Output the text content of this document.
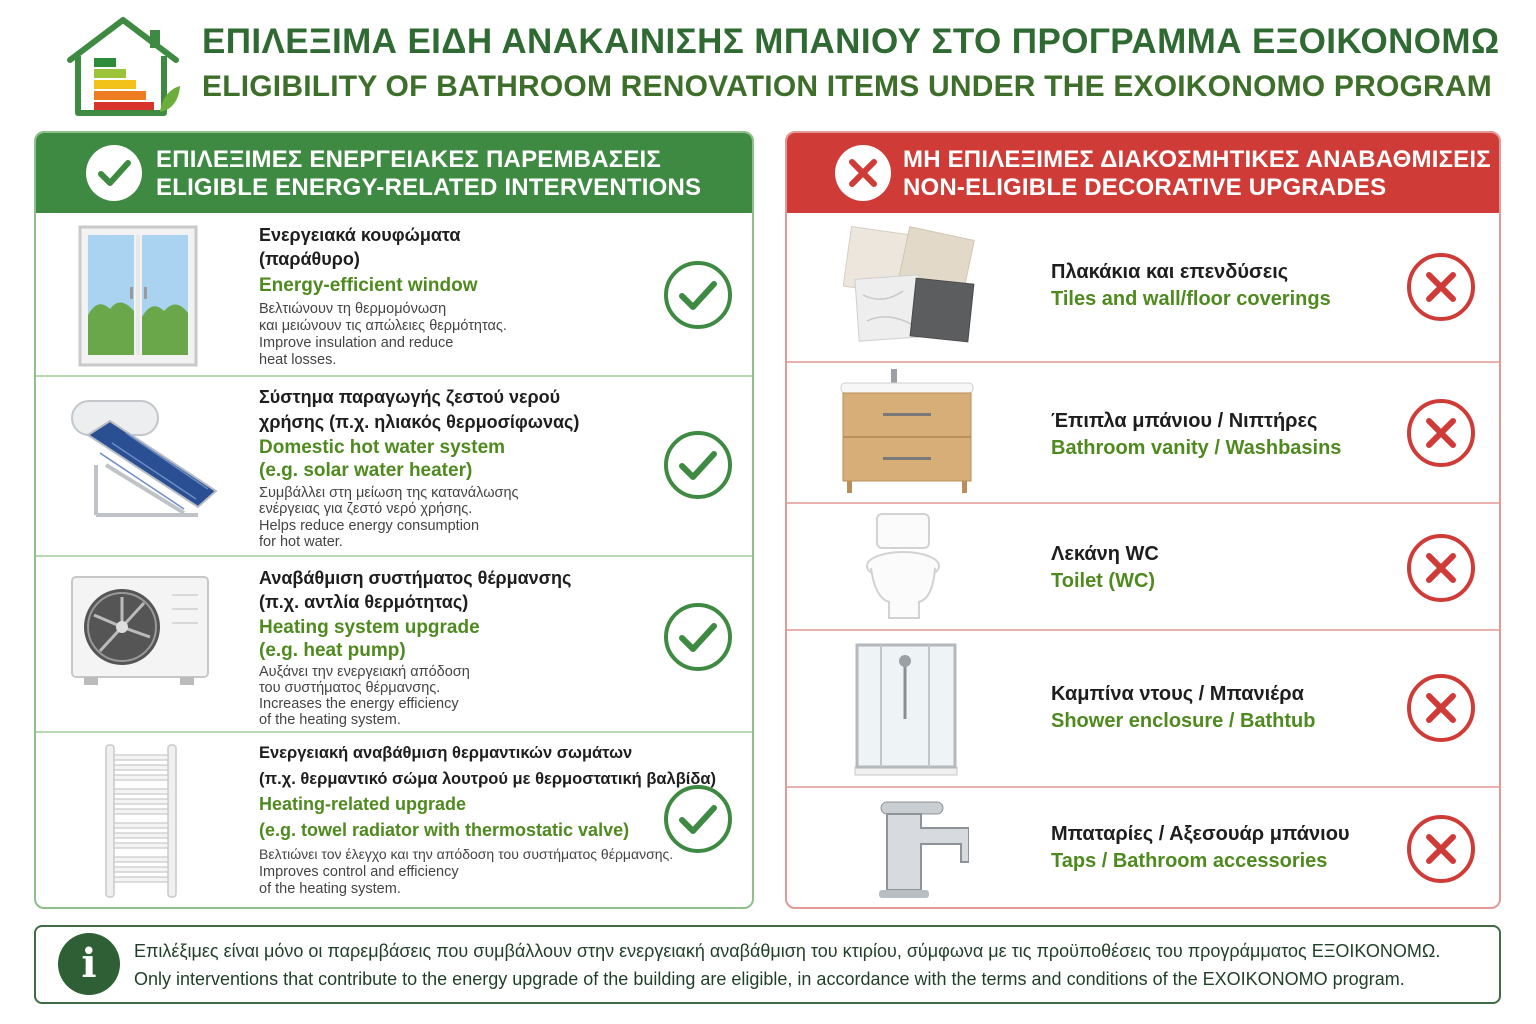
ΕΠΙΛΕΞΙΜΑ ΕΙΔΗ ΑΝΑΚΑΙΝΙΣΗΣ ΜΠΑΝΙΟΥ ΣΤΟ ΠΡΟΓΡΑΜΜΑ ΕΞΟΙΚΟΝΟΜΩ
ELIGIBILITY OF BATHROOM RENOVATION ITEMS UNDER THE EXOIKONOMO PROGRAM
ΕΠΙΛΕΞΙΜΕΣ ΕΝΕΡΓΕΙΑΚΕΣ ΠΑΡΕΜΒΑΣΕΙΣ
ELIGIBLE ENERGY-RELATED INTERVENTIONS
Ενεργειακά κουφώματα
(παράθυρο)
Energy-efficient window
Βελτιώνουν τη θερμομόνωση
και μειώνουν τις απώλειες θερμότητας.
Improve insulation and reduce
heat losses.
Σύστημα παραγωγής ζεστού νερού
χρήσης (π.χ. ηλιακός θερμοσίφωνας)
Domestic hot water system
(e.g. solar water heater)
Συμβάλλει στη μείωση της κατανάλωσης
ενέργειας για ζεστό νερό χρήσης.
Helps reduce energy consumption
for hot water.
Αναβάθμιση συστήματος θέρμανσης
(π.χ. αντλία θερμότητας)
Heating system upgrade
(e.g. heat pump)
Αυξάνει την ενεργειακή απόδοση
του συστήματος θέρμανσης.
Increases the energy efficiency
of the heating system.
Ενεργειακή αναβάθμιση θερμαντικών σωμάτων
(π.χ. θερμαντικό σώμα λουτρού με θερμοστατική βαλβίδα)
Heating-related upgrade
(e.g. towel radiator with thermostatic valve)
Βελτιώνει τον έλεγχο και την απόδοση του συστήματος θέρμανσης.
Improves control and efficiency
of the heating system.
ΜΗ ΕΠΙΛΕΞΙΜΕΣ ΔΙΑΚΟΣΜΗΤΙΚΕΣ ΑΝΑΒΑΘΜΙΣΕΙΣ
NON-ELIGIBLE DECORATIVE UPGRADES
Πλακάκια και επενδύσεις
Tiles and wall/floor coverings
Έπιπλα μπάνιου / Νιπτήρες
Bathroom vanity / Washbasins
Λεκάνη WC
Toilet (WC)
Καμπίνα ντους / Μπανιέρα
Shower enclosure / Bathtub
Μπαταρίες / Αξεσουάρ μπάνιου
Taps / Bathroom accessories
i	Επιλέξιμες είναι μόνο οι παρεμβάσεις που συμβάλλουν στην ενεργειακή αναβάθμιση του κτιρίου, σύμφωνα με τις προϋποθέσεις του προγράμματος ΕΞΟΙΚΟΝΟΜΩ.
Only interventions that contribute to the energy upgrade of the building are eligible, in accordance with the terms and conditions of the EXOIKONOMO program.
